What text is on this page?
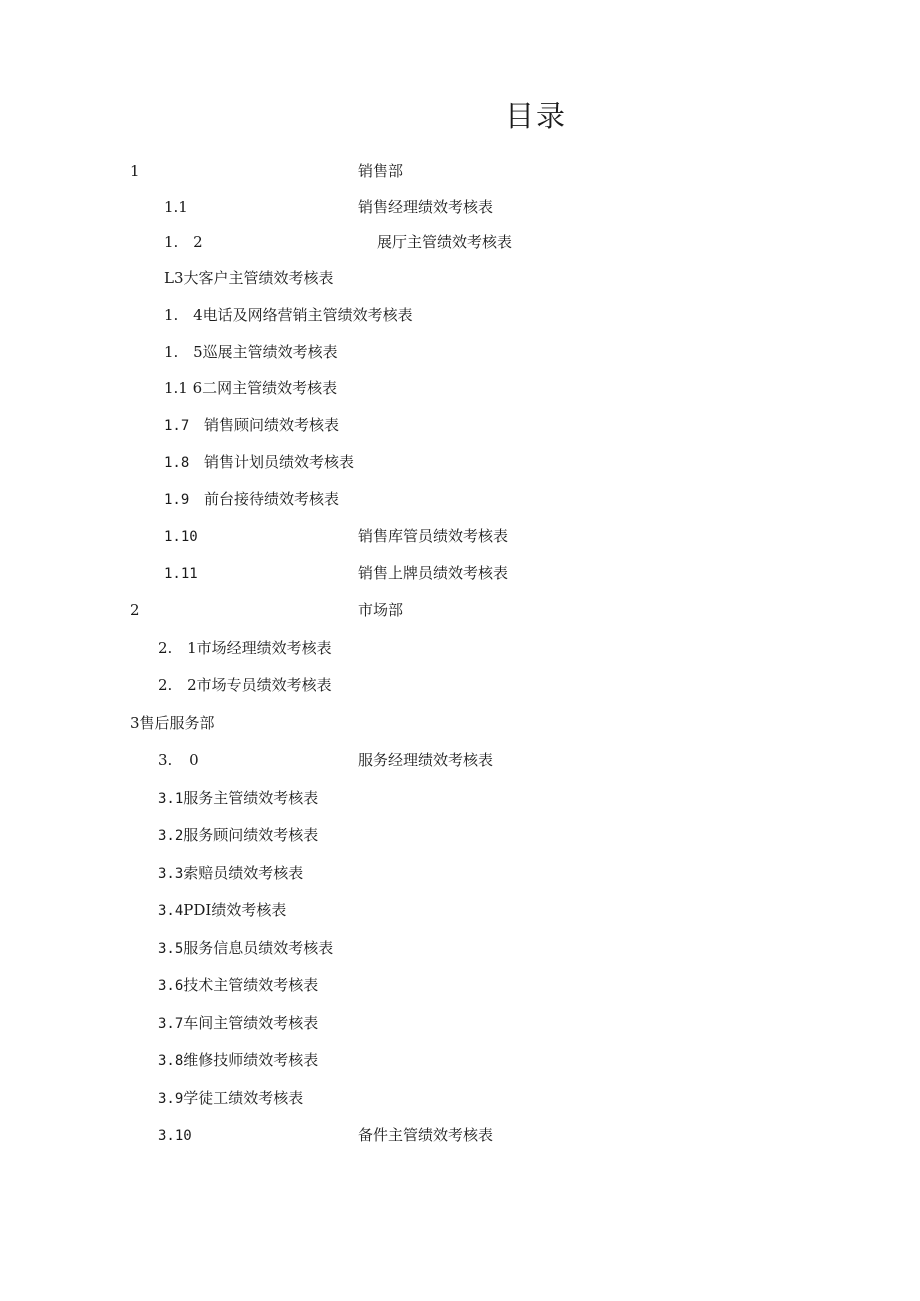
目录
1	销售部
1.1	销售经理绩效考核表
1. 2	展厅主管绩效考核表
L3大客户主管绩效考核表
1. 4电话及网络营销主管绩效考核表
1. 5巡展主管绩效考核表
1.1 6二网主管绩效考核表
1.7 销售顾问绩效考核表
1.8 销售计划员绩效考核表
1.9 前台接待绩效考核表
1.10	销售库管员绩效考核表
1.11	销售上牌员绩效考核表
2	市场部
2. 1市场经理绩效考核表
2. 2市场专员绩效考核表
3售后服务部
3. 0	服务经理绩效考核表
3.1服务主管绩效考核表
3.2服务顾问绩效考核表
3.3索赔员绩效考核表
3.4PDI绩效考核表
3.5服务信息员绩效考核表
3.6技术主管绩效考核表
3.7车间主管绩效考核表
3.8维修技师绩效考核表
3.9学徒工绩效考核表
3.10	备件主管绩效考核表
